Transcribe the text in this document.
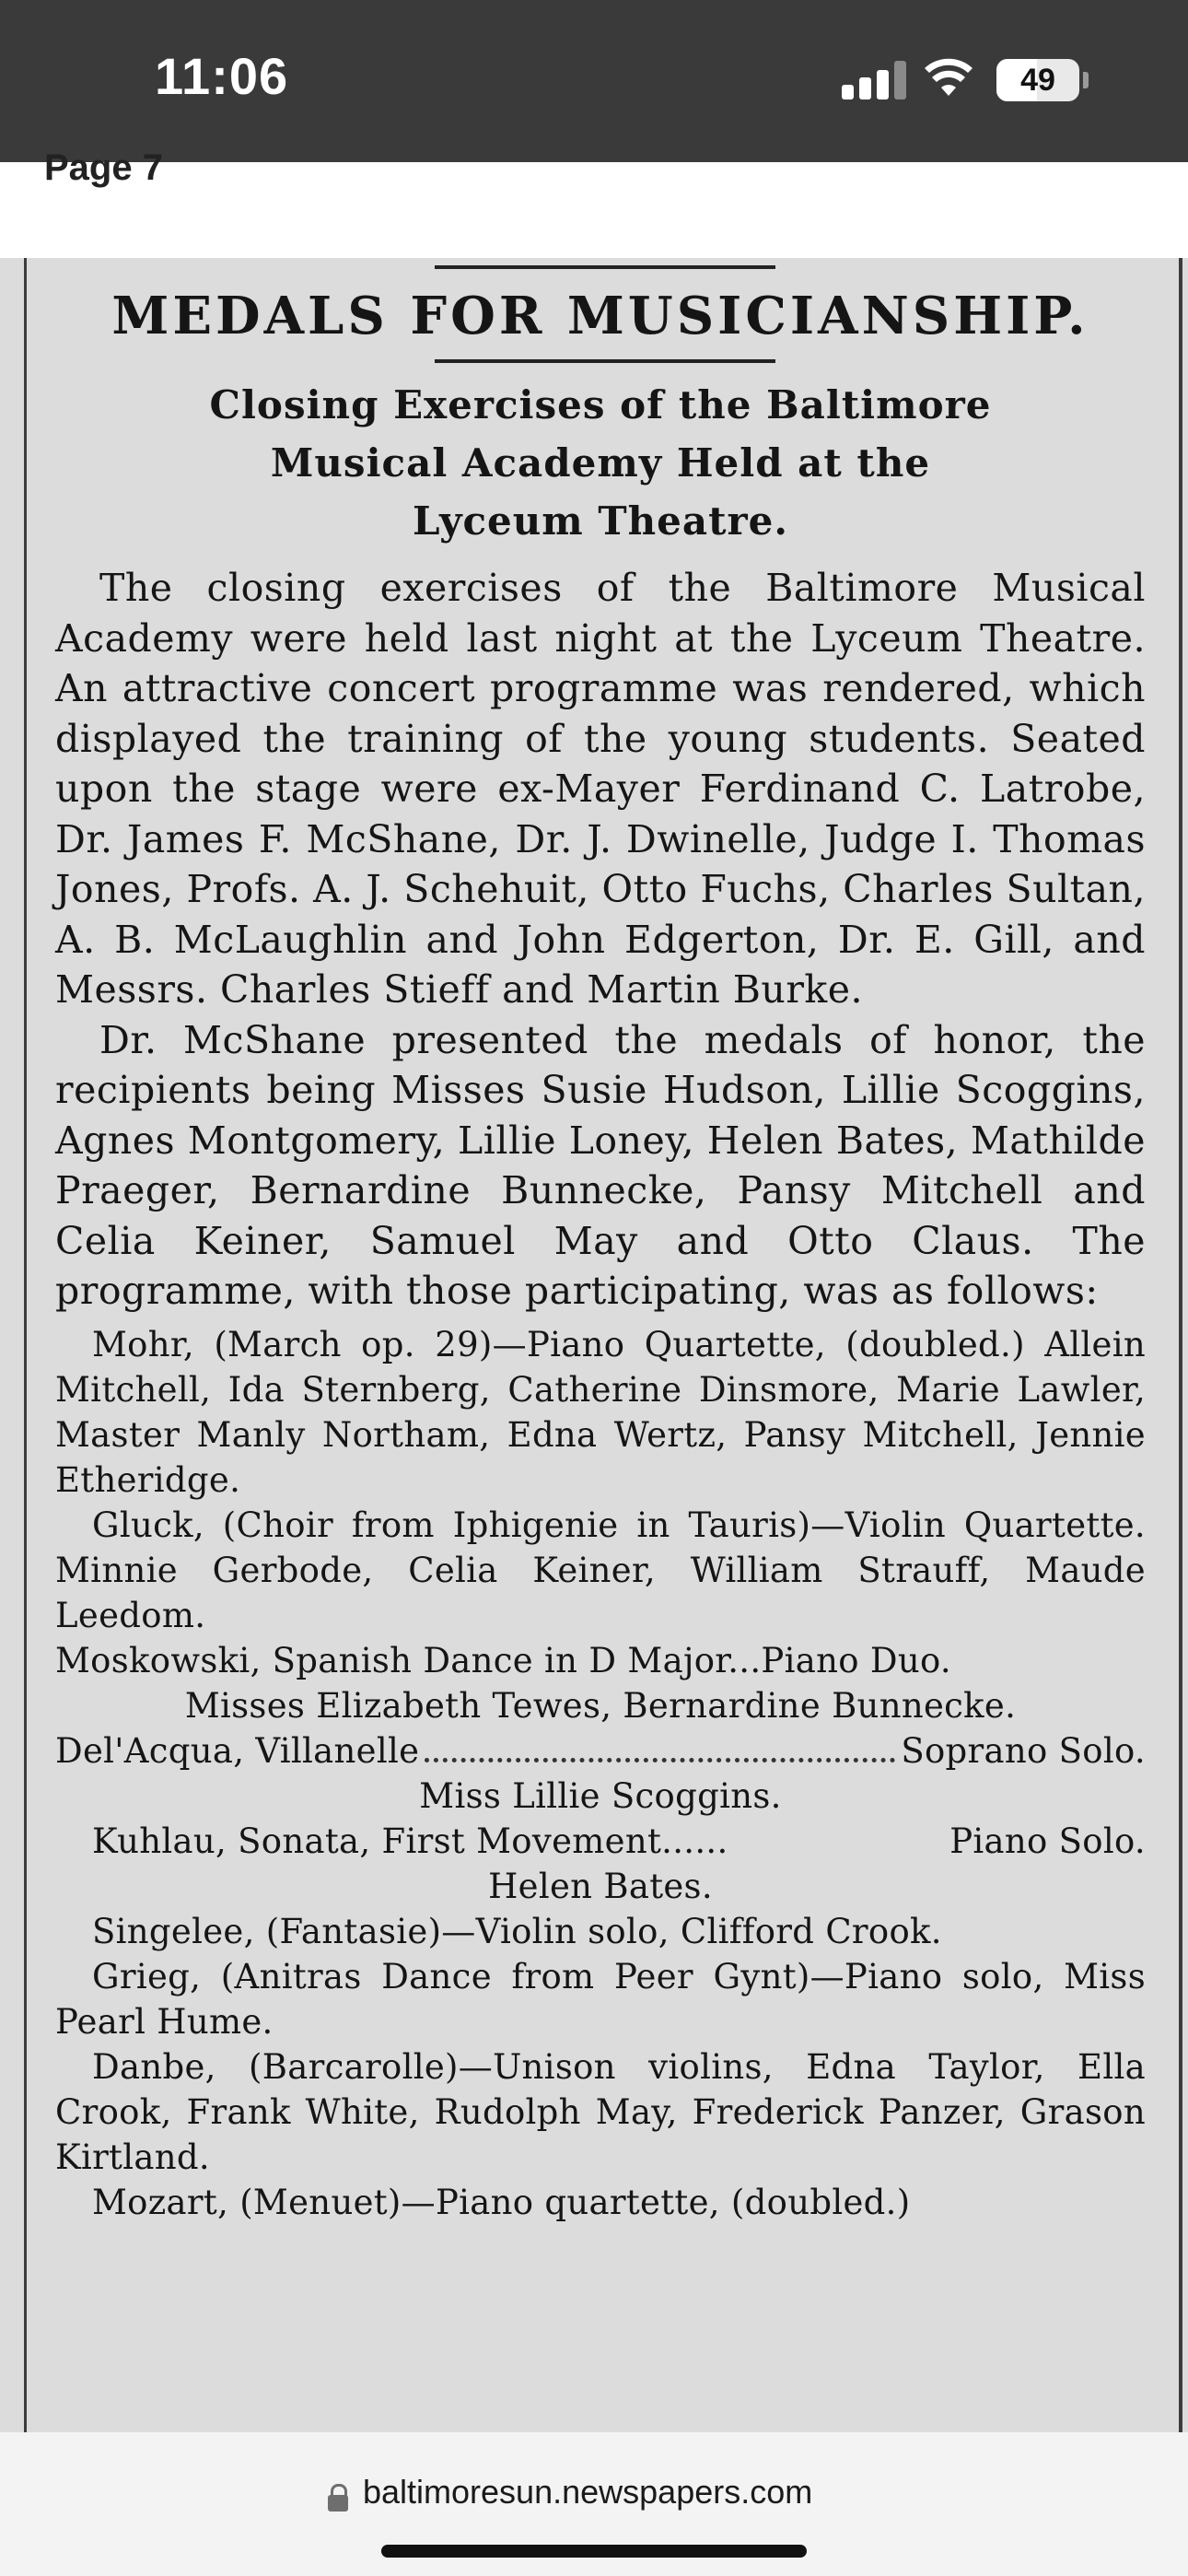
11:06	49
Page 7
MEDALS FOR MUSICIANSHIP.
Closing Exercises of the Baltimore
Musical Academy Held at the
Lyceum Theatre.

The closing exercises of the Baltimore Musical Academy were held last night at the Lyceum Theatre. An attractive concert programme was rendered, which displayed the training of the young students. Seated upon the stage were ex-Mayer Ferdinand C. Latrobe, Dr. James F. McShane, Dr. J. Dwinelle, Judge I. Thomas Jones, Profs. A. J. Schehuit, Otto Fuchs, Charles Sultan, A. B. McLaughlin and John Edgerton, Dr. E. Gill, and Messrs. Charles Stieff and Martin Burke.

Dr. McShane presented the medals of honor, the recipients being Misses Susie Hudson, Lillie Scoggins, Agnes Montgomery, Lillie Loney, Helen Bates, Mathilde Praeger, Bernardine Bunnecke, Pansy Mitchell and Celia Keiner, Samuel May and Otto Claus. The programme, with those participating, was as follows:

Mohr, (March op. 29)—Piano Quartette, (doubled.) Allein Mitchell, Ida Sternberg, Catherine Dinsmore, Marie Lawler, Master Manly Northam, Edna Wertz, Pansy Mitchell, Jennie Etheridge.
Gluck, (Choir from Iphigenie in Tauris)—Violin Quartette. Minnie Gerbode, Celia Keiner, William Strauff, Maude Leedom.
Moskowski, Spanish Dance in D Major...Piano Duo.
Misses Elizabeth Tewes, Bernardine Bunnecke.
Del'Acqua, Villanelle	Soprano Solo.
Miss Lillie Scoggins.
Kuhlau, Sonata, First Movement......	Piano Solo.
Helen Bates.
Singelee, (Fantasie)—Violin solo, Clifford Crook.
Grieg, (Anitras Dance from Peer Gynt)—Piano solo, Miss Pearl Hume.
Danbe, (Barcarolle)—Unison violins, Edna Taylor, Ella Crook, Frank White, Rudolph May, Frederick Panzer, Grason Kirtland.
Mozart, (Menuet)—Piano quartette, (doubled.)
baltimoresun.newspapers.com
